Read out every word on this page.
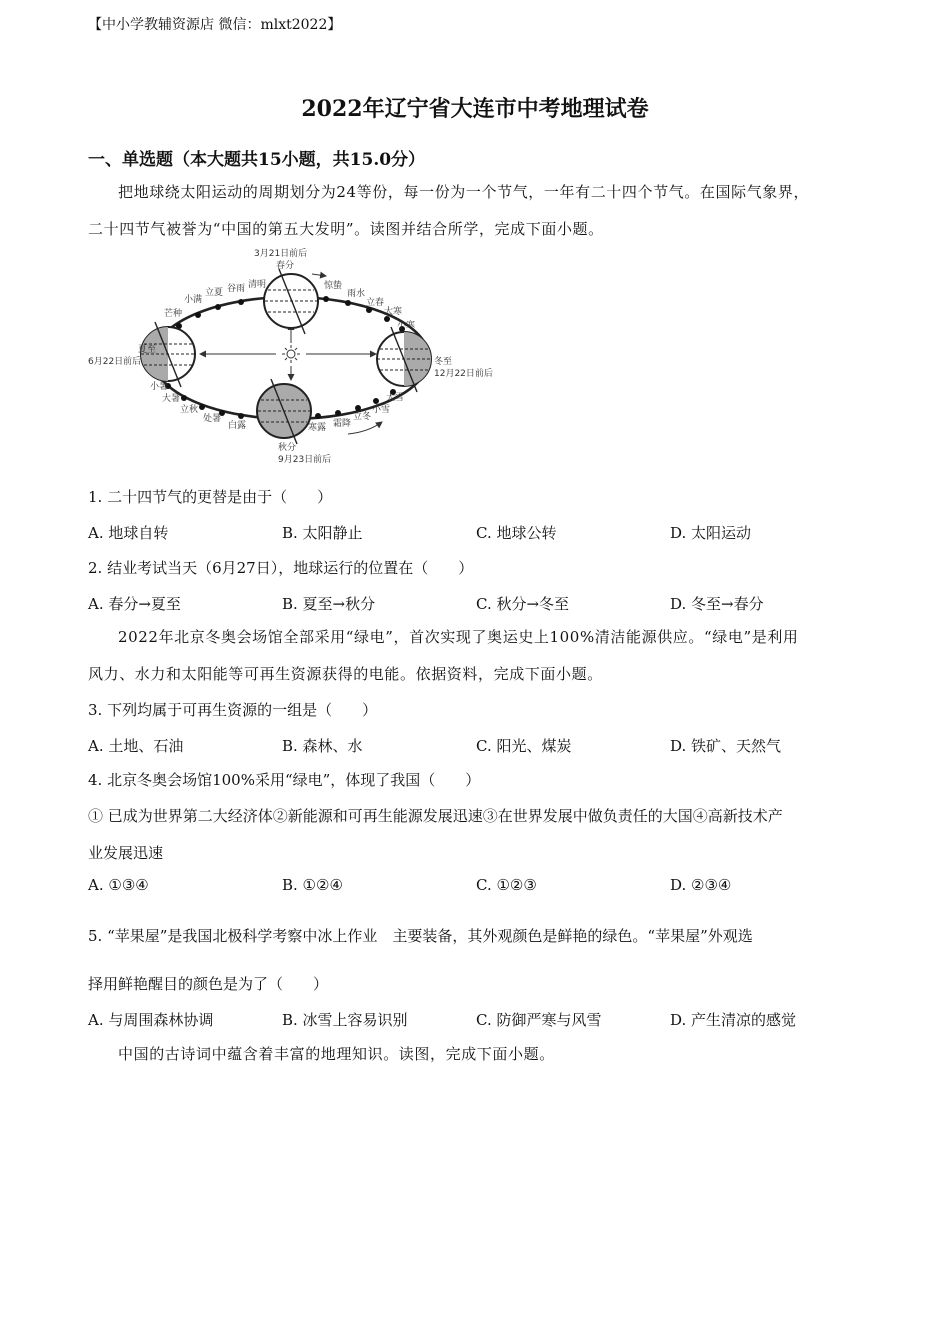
【中小学教辅资源店 微信：mlxt2022】
2022年辽宁省大连市中考地理试卷
一、单选题（本大题共15小题，共15.0分）
把地球绕太阳运动的周期划分为24等份，每一份为一个节气，一年有二十四个节气。在国际气象界，
二十四节气被誉为“中国的第五大发明”。读图并结合所学，完成下面小题。
3月21日前后
春分
夏至
6月22日前后	冬至
12月22日前后
秋分
9月23日前后
清明
谷雨
立夏
小满
芒种
惊蛰
雨水
立春
大寒
小寒
小暑
大暑
立秋
处暑
白露	寒露 霜降
立冬
小雪
大雪
1. 二十四节气的更替是由于（　　）
A. 地球自转	B. 太阳静止	C. 地球公转	D. 太阳运动
2. 结业考试当天（6月27日），地球运行的位置在（　　）
A. 春分→夏至	B. 夏至→秋分	C. 秋分→冬至	D. 冬至→春分
2022年北京冬奥会场馆全部采用“绿电”，首次实现了奥运史上100%清洁能源供应。“绿电”是利用
风力、水力和太阳能等可再生资源获得的电能。依据资料，完成下面小题。
3. 下列均属于可再生资源的一组是（　　）
A. 土地、石油	B. 森林、水	C. 阳光、煤炭	D. 铁矿、天然气
4. 北京冬奥会场馆100%采用“绿电”，体现了我国（　　）
① 已成为世界第二大经济体②新能源和可再生能源发展迅速③在世界发展中做负责任的大国④高新技术产
业发展迅速
A. ①③④	B. ①②④	C. ①②③	D. ②③④
5. “苹果屋”是我国北极科学考察中冰上作业　主要装备，其外观颜色是鲜艳的绿色。“苹果屋”外观选
择用鲜艳醒目的颜色是为了（　　）
A. 与周围森林协调	B. 冰雪上容易识别	C. 防御严寒与风雪	D. 产生清凉的感觉
中国的古诗词中蕴含着丰富的地理知识。读图，完成下面小题。
